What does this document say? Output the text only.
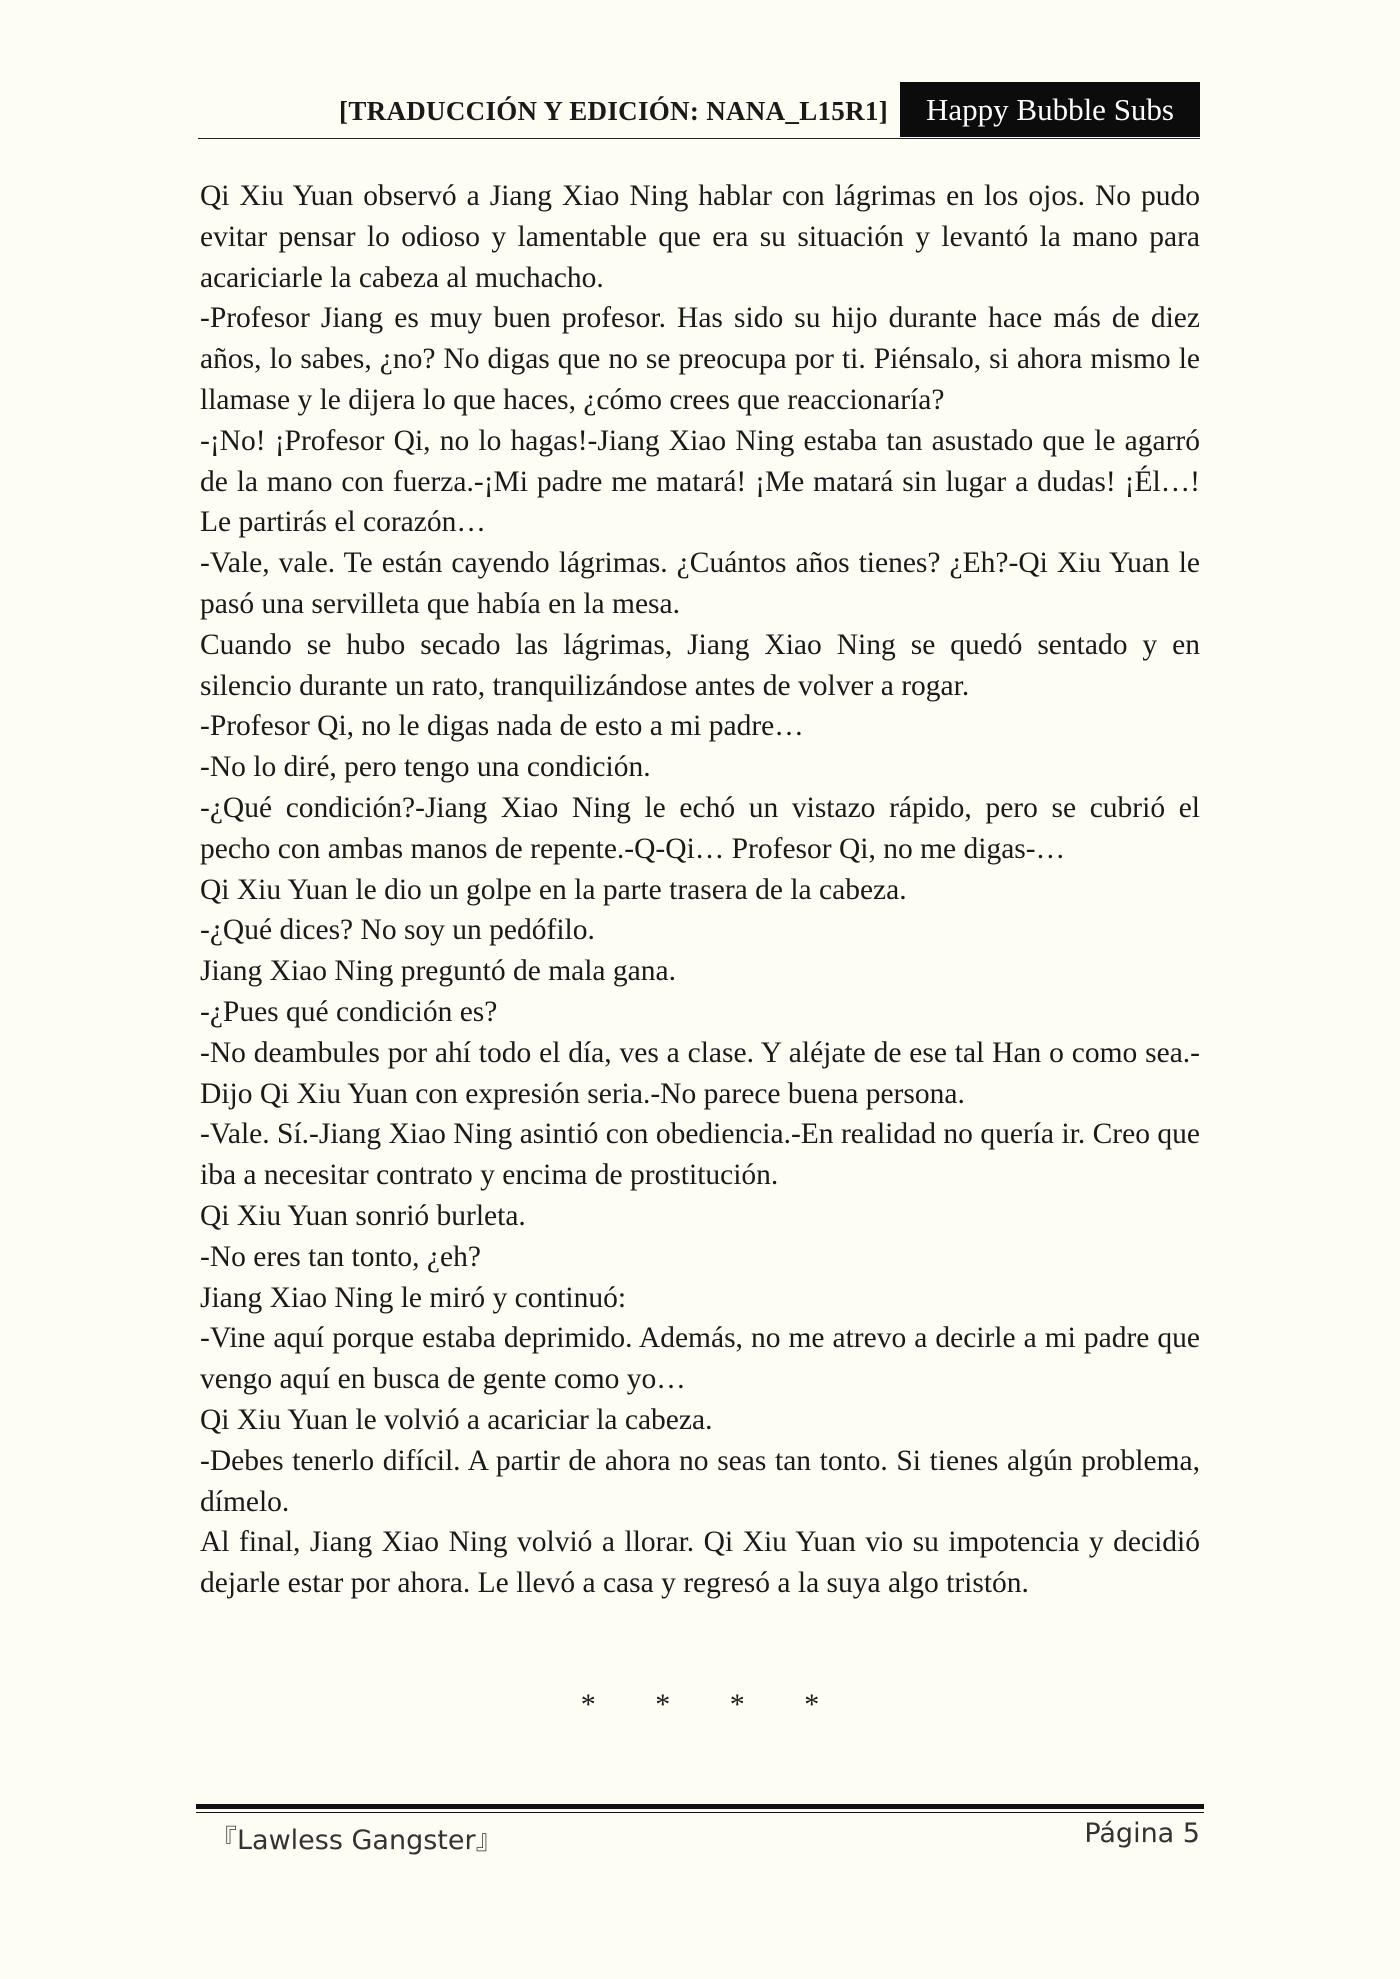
[TRADUCCIÓN Y EDICIÓN: NANA_L15R1]	Happy Bubble Subs

Qi Xiu Yuan observó a Jiang Xiao Ning hablar con lágrimas en los ojos. No pudo evitar pensar lo odioso y lamentable que era su situación y levantó la mano para acariciarle la cabeza al muchacho.

-Profesor Jiang es muy buen profesor. Has sido su hijo durante hace más de diez años, lo sabes, ¿no? No digas que no se preocupa por ti. Piénsalo, si ahora mismo le llamase y le dijera lo que haces, ¿cómo crees que reaccionaría?

-¡No! ¡Profesor Qi, no lo hagas!-Jiang Xiao Ning estaba tan asustado que le agarró de la mano con fuerza.-¡Mi padre me matará! ¡Me matará sin lugar a dudas! ¡Él…! Le partirás el corazón…

-Vale, vale. Te están cayendo lágrimas. ¿Cuántos años tienes? ¿Eh?-Qi Xiu Yuan le pasó una servilleta que había en la mesa.

Cuando se hubo secado las lágrimas, Jiang Xiao Ning se quedó sentado y en silencio durante un rato, tranquilizándose antes de volver a rogar.

-Profesor Qi, no le digas nada de esto a mi padre…

-No lo diré, pero tengo una condición.

-¿Qué condición?-Jiang Xiao Ning le echó un vistazo rápido, pero se cubrió el pecho con ambas manos de repente.-Q-Qi… Profesor Qi, no me digas-…

Qi Xiu Yuan le dio un golpe en la parte trasera de la cabeza.

-¿Qué dices? No soy un pedófilo.

Jiang Xiao Ning preguntó de mala gana.

-¿Pues qué condición es?

-No deambules por ahí todo el día, ves a clase. Y aléjate de ese tal Han o como sea.-Dijo Qi Xiu Yuan con expresión seria.-No parece buena persona.

-Vale. Sí.-Jiang Xiao Ning asintió con obediencia.-En realidad no quería ir. Creo que iba a necesitar contrato y encima de prostitución.

Qi Xiu Yuan sonrió burleta.

-No eres tan tonto, ¿eh?

Jiang Xiao Ning le miró y continuó:

-Vine aquí porque estaba deprimido. Además, no me atrevo a decirle a mi padre que vengo aquí en busca de gente como yo…

Qi Xiu Yuan le volvió a acariciar la cabeza.

-Debes tenerlo difícil. A partir de ahora no seas tan tonto. Si tienes algún problema, dímelo.

Al final, Jiang Xiao Ning volvió a llorar. Qi Xiu Yuan vio su impotencia y decidió dejarle estar por ahora. Le llevó a casa y regresó a la suya algo tristón.

* * * *
『Lawless Gangster』	Página 5
